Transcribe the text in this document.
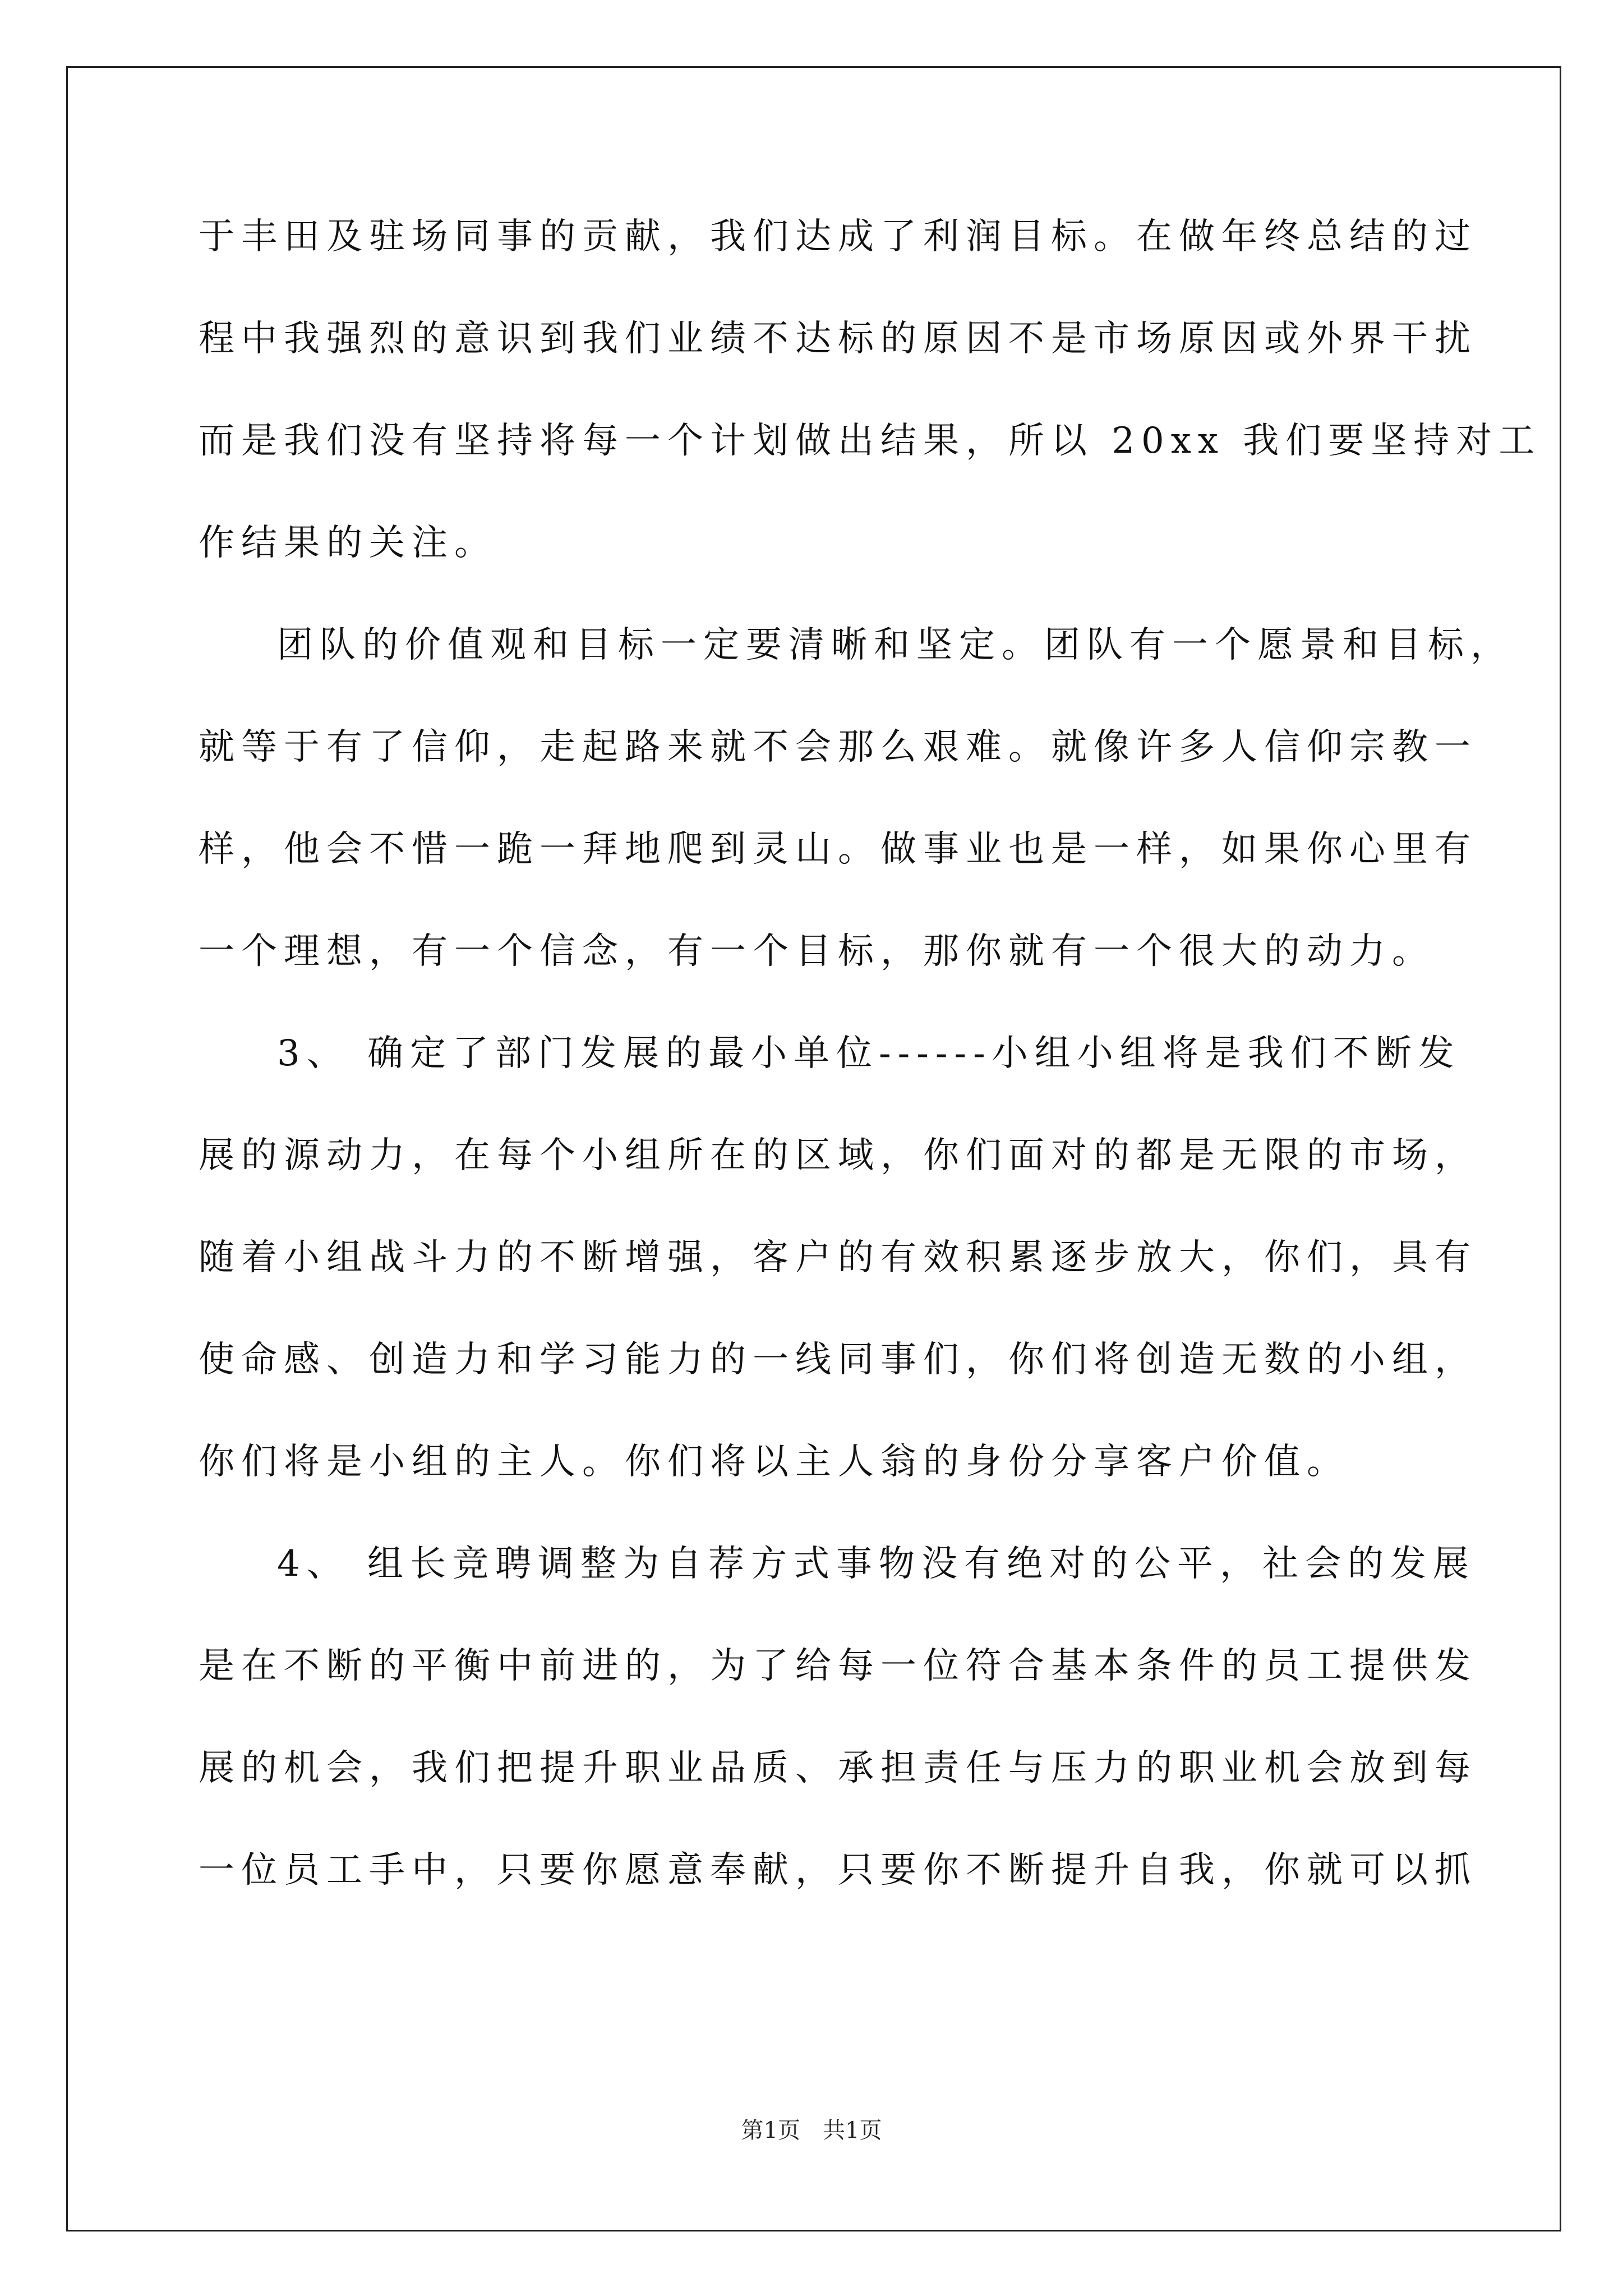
于丰田及驻场同事的贡献，我们达成了利润目标。在做年终总结的过
程中我强烈的意识到我们业绩不达标的原因不是市场原因或外界干扰
而是我们没有坚持将每一个计划做出结果，所以 20xx 我们要坚持对工
作结果的关注。
团队的价值观和目标一定要清晰和坚定。团队有一个愿景和目标，
就等于有了信仰，走起路来就不会那么艰难。就像许多人信仰宗教一
样，他会不惜一跪一拜地爬到灵山。做事业也是一样，如果你心里有
一个理想，有一个信念，有一个目标，那你就有一个很大的动力。
3、 确定了部门发展的最小单位------小组小组将是我们不断发
展的源动力，在每个小组所在的区域，你们面对的都是无限的市场，
随着小组战斗力的不断增强，客户的有效积累逐步放大，你们，具有
使命感、创造力和学习能力的一线同事们，你们将创造无数的小组，
你们将是小组的主人。你们将以主人翁的身份分享客户价值。
4、 组长竞聘调整为自荐方式事物没有绝对的公平，社会的发展
是在不断的平衡中前进的，为了给每一位符合基本条件的员工提供发
展的机会，我们把提升职业品质、承担责任与压力的职业机会放到每
一位员工手中，只要你愿意奉献，只要你不断提升自我，你就可以抓
第1页　共1页
